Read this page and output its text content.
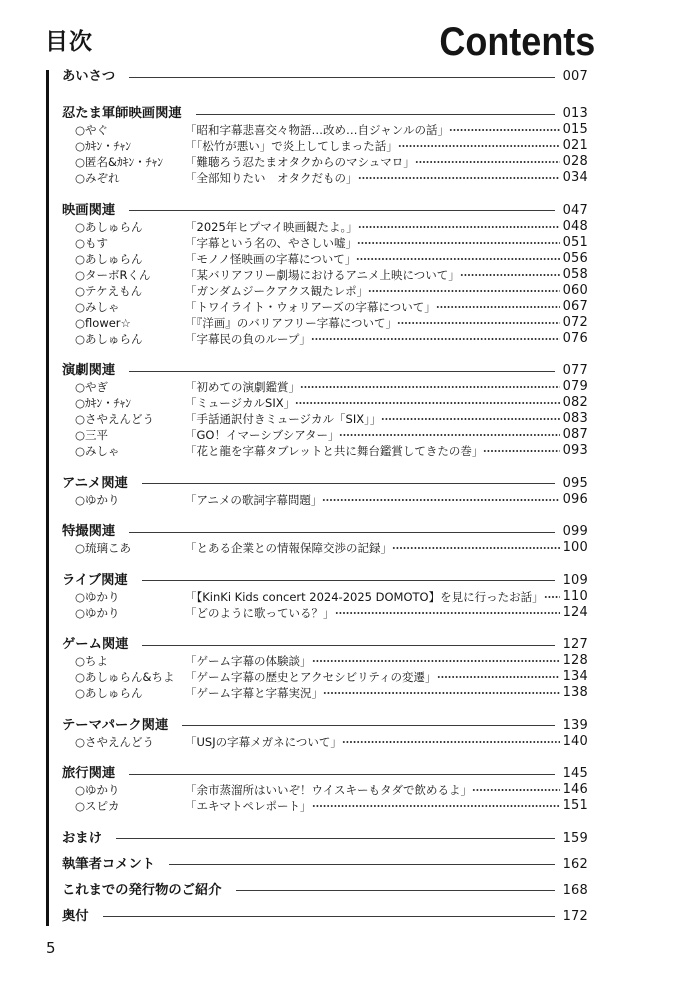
目次	Contents
あいさつ	007
忍たま軍師映画関連	013
○やぐ	「昭和字幕悲喜交々物語…改め…自ジャンルの話」	015
○ｶｷﾝ・ﾁｬﾝ	「「松竹が悪い」で炎上してしまった話」	021
○匿名&ｶｷﾝ・ﾁｬﾝ	「難聴ろう忍たまオタクからのマシュマロ」	028
○みぞれ	「全部知りたい　オタクだもの」	034
映画関連	047
○あしゅらん	「2025年ヒプマイ映画観たよ。」	048
○もす	「字幕という名の、やさしい嘘」	051
○あしゅらん	「モノノ怪映画の字幕について」	056
○ターボRくん	「某バリアフリー劇場におけるアニメ上映について」	058
○テケえもん	「ガンダムジークアクス観たレポ」	060
○みしゃ	「トワイライト・ウォリアーズの字幕について」	067
○flower☆	「『洋画』のバリアフリー字幕について」	072
○あしゅらん	「字幕民の負のループ」	076
演劇関連	077
○やぎ	「初めての演劇鑑賞」	079
○ｶｷﾝ・ﾁｬﾝ	「ミュージカルSIX」	082
○さやえんどう	「手話通訳付きミュージカル「SIX」」	083
○三平	「GO！イマーシブシアター」	087
○みしゃ	「花と龍を字幕タブレットと共に舞台鑑賞してきたの巻」	093
アニメ関連	095
○ゆかり	「アニメの歌詞字幕問題」	096
特撮関連	099
○琉璃こあ	「とある企業との情報保障交渉の記録」	100
ライブ関連	109
○ゆかり	「【KinKi Kids concert 2024-2025 DOMOTO】を見に行ったお話」 110
○ゆかり	「どのように歌っている？」	124
ゲーム関連	127
○ちよ	「ゲーム字幕の体験談」	128
○あしゅらん&ちよ 「ゲーム字幕の歴史とアクセシビリティの変遷」	134
○あしゅらん	「ゲーム字幕と字幕実況」	138
テーマパーク関連	139
○さやえんどう	「USJの字幕メガネについて」	140
旅行関連	145
○ゆかり	「余市蒸溜所はいいぞ！ウイスキーもタダで飲めるよ」	146
○スピカ	「エキマトペレポート」	151
おまけ	159
執筆者コメント	162
これまでの発行物のご紹介	168
奥付	172
5
